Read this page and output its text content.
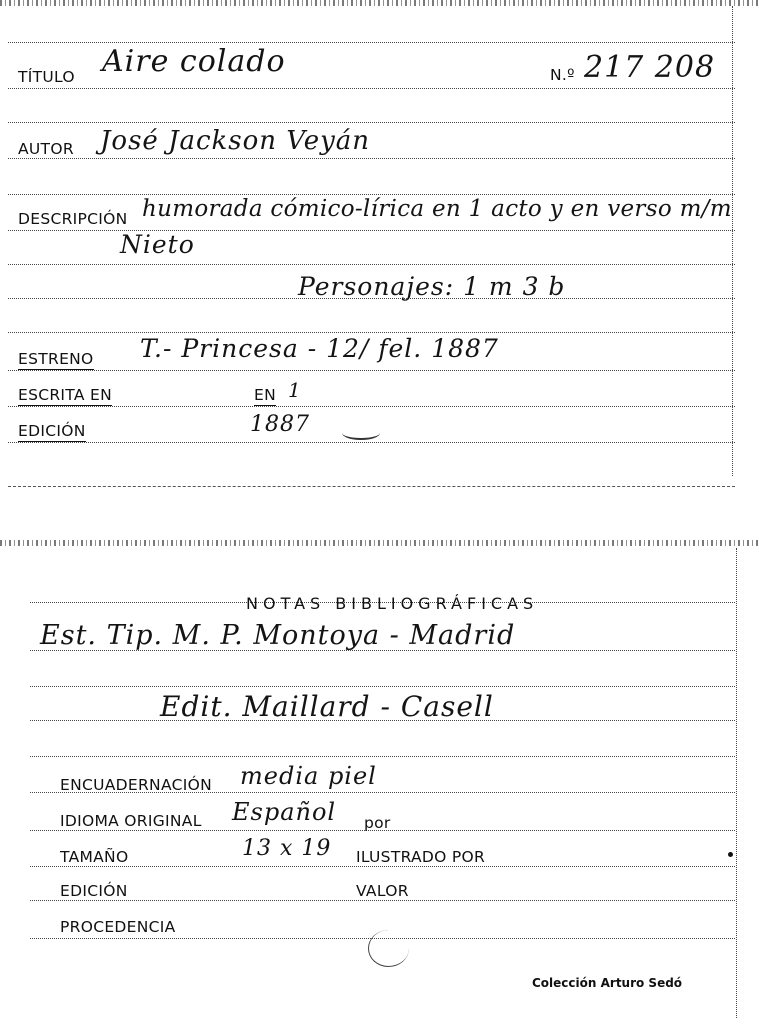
TÍTULO Aire colado	N.º 217 208
AUTOR José Jackson Veyán
DESCRIPCIÓN humorada cómico-lírica en 1 acto y en verso m/m
Nieto
Personajes: 1 m 3 b
ESTRENO T.- Princesa - 12/ fel. 1887
ESCRITA EN	EN 1
EDICIÓN	1887
NOTAS BIBLIOGRÁFICAS
Est. Tip. M. P. Montoya - Madrid
Edit. Maillard - Casell
ENCUADERNACIÓN media piel
IDIOMA ORIGINAL Español por
TAMAÑO	13 x 19 ILUSTRADO POR
EDICIÓN	VALOR
PROCEDENCIA
Colección Arturo Sedó
